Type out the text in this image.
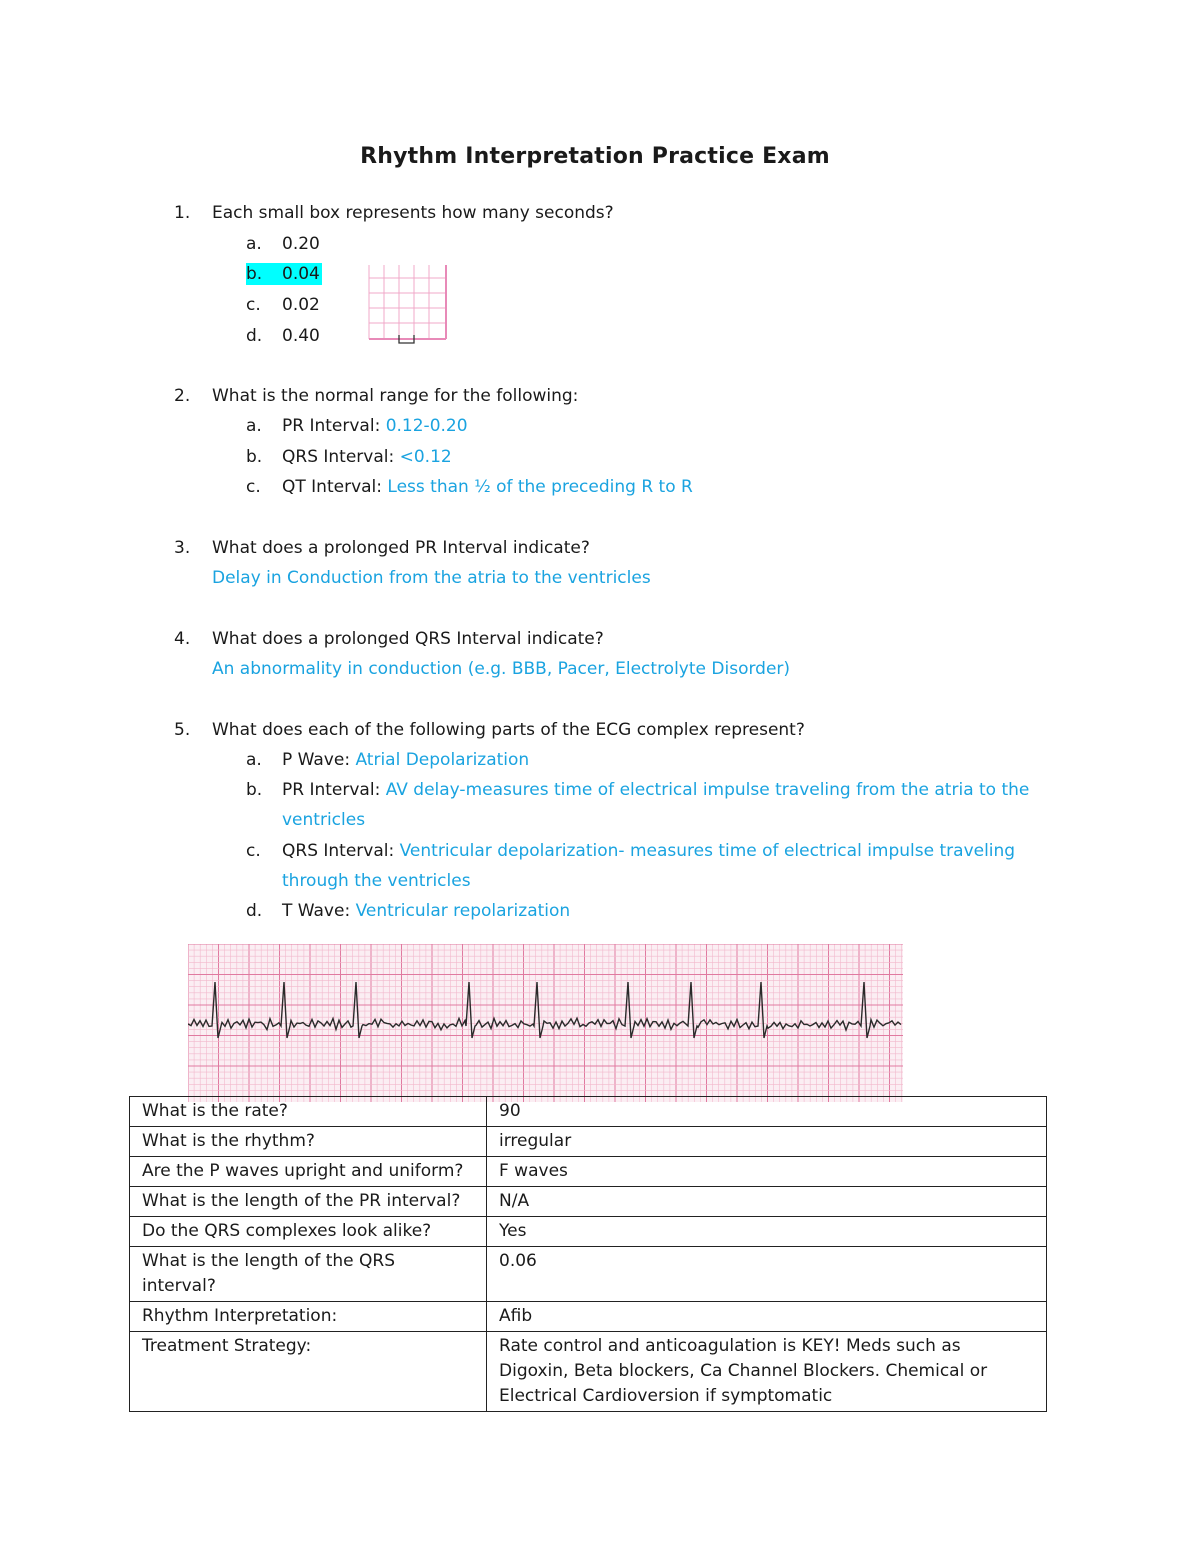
Rhythm Interpretation Practice Exam
1. Each small box represents how many seconds?
a. 0.20
b. 0.04
c. 0.02
d. 0.40
2. What is the normal range for the following:
a. PR Interval: 0.12-0.20
b. QRS Interval: <0.12
c. QT Interval: Less than ½ of the preceding R to R
3. What does a prolonged PR Interval indicate?
Delay in Conduction from the atria to the ventricles
4. What does a prolonged QRS Interval indicate?
An abnormality in conduction (e.g. BBB, Pacer, Electrolyte Disorder)
5. What does each of the following parts of the ECG complex represent?
a. P Wave: Atrial Depolarization
b. PR Interval: AV delay-measures time of electrical impulse traveling from the atria to the ventricles
c. QRS Interval: Ventricular depolarization- measures time of electrical impulse traveling through the ventricles
d. T Wave: Ventricular repolarization
What is the rate?	90
What is the rhythm?	irregular
Are the P waves upright and uniform?	F waves
What is the length of the PR interval?	N/A
Do the QRS complexes look alike?	Yes
What is the length of the QRS interval?	0.06
Rhythm Interpretation:	Afib
Treatment Strategy:	Rate control and anticoagulation is KEY! Meds such as Digoxin, Beta blockers, Ca Channel Blockers. Chemical or Electrical Cardioversion if symptomatic
